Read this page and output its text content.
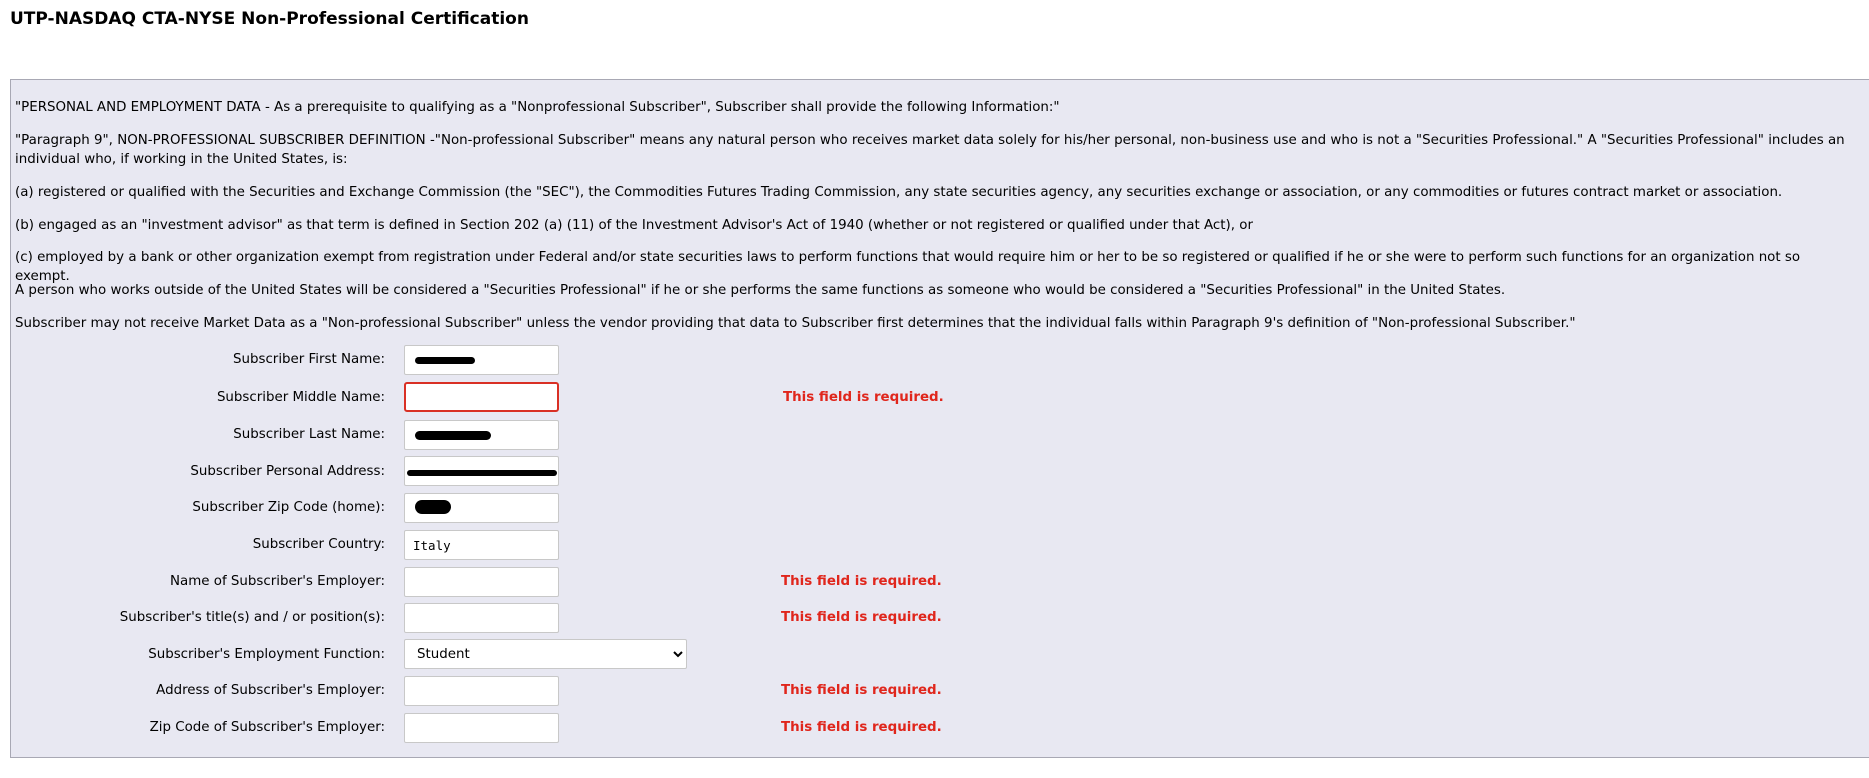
UTP-NASDAQ CTA-NYSE Non-Professional Certification
"PERSONAL AND EMPLOYMENT DATA - As a prerequisite to qualifying as a "Nonprofessional Subscriber", Subscriber shall provide the following Information:"
"Paragraph 9", NON-PROFESSIONAL SUBSCRIBER DEFINITION -"Non-professional Subscriber" means any natural person who receives market data solely for his/her personal, non-business use and who is not a "Securities Professional." A "Securities Professional" includes an individual who, if working in the United States, is:
(a) registered or qualified with the Securities and Exchange Commission (the "SEC"), the Commodities Futures Trading Commission, any state securities agency, any securities exchange or association, or any commodities or futures contract market or association.
(b) engaged as an "investment advisor" as that term is defined in Section 202 (a) (11) of the Investment Advisor's Act of 1940 (whether or not registered or qualified under that Act), or
(c) employed by a bank or other organization exempt from registration under Federal and/or state securities laws to perform functions that would require him or her to be so registered or qualified if he or she were to perform such functions for an organization not so exempt.
A person who works outside of the United States will be considered a "Securities Professional" if he or she performs the same functions as someone who would be considered a "Securities Professional" in the United States.
Subscriber may not receive Market Data as a "Non-professional Subscriber" unless the vendor providing that data to Subscriber first determines that the individual falls within Paragraph 9's definition of "Non-professional Subscriber."
Subscriber First Name:
Subscriber Middle Name:	This field is required.
Subscriber Last Name:
Subscriber Personal Address:
Subscriber Zip Code (home):
Subscriber Country:
Italy
Name of Subscriber's Employer:	This field is required.
Subscriber's title(s) and / or position(s):	This field is required.
Subscriber's Employment Function:
Student
Address of Subscriber's Employer:	This field is required.
Zip Code of Subscriber's Employer:	This field is required.
